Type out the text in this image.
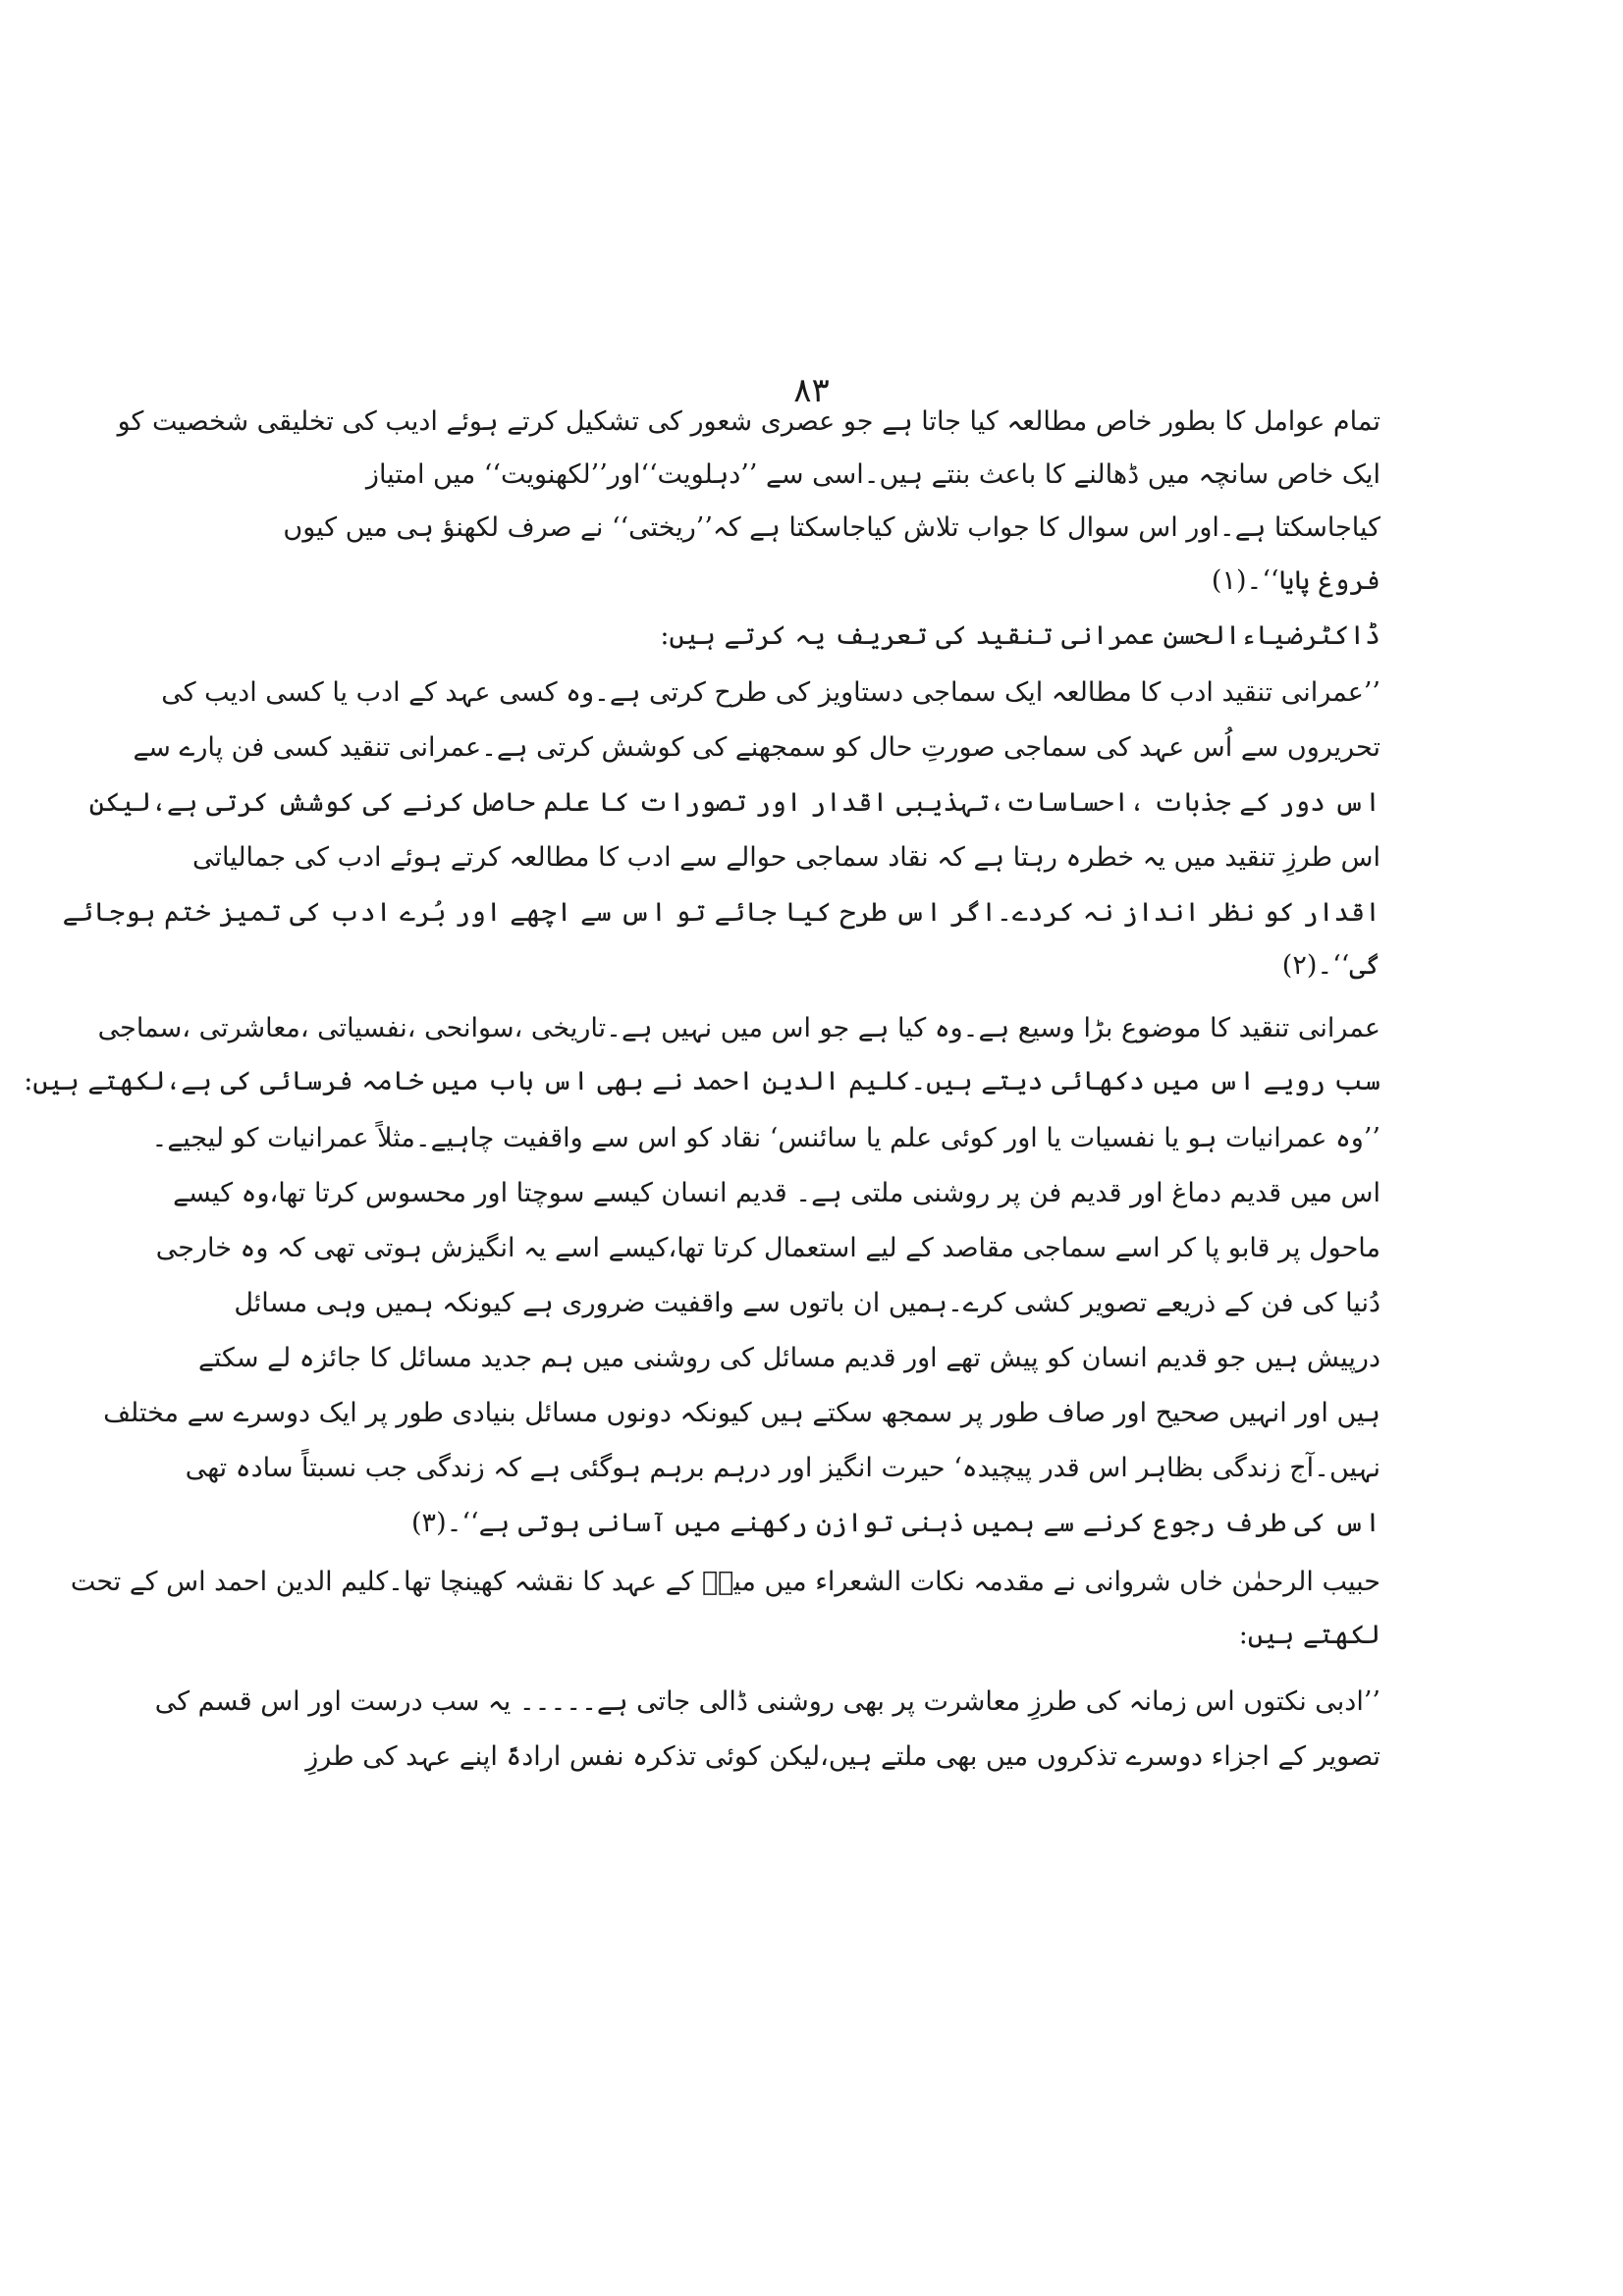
۸۳
تمام عوامل کا بطور خاص مطالعہ کیا جاتا ہے جو عصری شعور کی تشکیل کرتے ہوئے ادیب کی تخلیقی شخصیت کو
ایک خاص سانچہ میں ڈھالنے کا باعث بنتے ہیں۔اسی سے ’’دہلویت‘‘اور’’لکھنویت‘‘ میں امتیاز
کیاجاسکتا ہے۔اور اس سوال کا جواب تلاش کیاجاسکتا ہے کہ’’ریختی‘‘ نے صرف لکھنؤ ہی میں کیوں
فروغ پایا‘‘۔(۱)
ڈاکٹرضیاءالحسن عمرانی تنقید کی تعریف یہ کرتے ہیں:
’’عمرانی تنقید ادب کا مطالعہ ایک سماجی دستاویز کی طرح کرتی ہے۔وہ کسی عہد کے ادب یا کسی ادیب کی
تحریروں سے اُس عہد کی سماجی صورتِ حال کو سمجھنے کی کوشش کرتی ہے۔عمرانی تنقید کسی فن پارے سے
اس دور کے جذبات ،احساسات،تہذیبی اقدار اور تصورات کا علم حاصل کرنے کی کوشش کرتی ہے،لیکن
اس طرزِ تنقید میں یہ خطرہ رہتا ہے کہ نقاد سماجی حوالے سے ادب کا مطالعہ کرتے ہوئے ادب کی جمالیاتی
اقدار کو نظر انداز نہ کردے۔اگر اس طرح کیا جائے تو اس سے اچھے اور بُرے ادب کی تمیز ختم ہوجائے
گی‘‘۔(۲)
عمرانی تنقید کا موضوع بڑا وسیع ہے۔وہ کیا ہے جو اس میں نہیں ہے۔تاریخی ،سوانحی ،نفسیاتی ،معاشرتی ،سماجی
سب رویے اس میں دکھائی دیتے ہیں۔کلیم الدین احمد نے بھی اس باب میں خامہ فرسائی کی ہے،لکھتے ہیں:
’’وہ عمرانیات ہو یا نفسیات یا اور کوئی علم یا سائنس‘ نقاد کو اس سے واقفیت چاہیے۔مثلاً عمرانیات کو لیجیے۔
اس میں قدیم دماغ اور قدیم فن پر روشنی ملتی ہے۔ قدیم انسان کیسے سوچتا اور محسوس کرتا تھا،وہ کیسے
ماحول پر قابو پا کر اسے سماجی مقاصد کے لیے استعمال کرتا تھا،کیسے اسے یہ انگیزش ہوتی تھی کہ وہ خارجی
دُنیا کی فن کے ذریعے تصویر کشی کرے۔ہمیں ان باتوں سے واقفیت ضروری ہے کیونکہ ہمیں وہی مسائل
درپیش ہیں جو قدیم انسان کو پیش تھے اور قدیم مسائل کی روشنی میں ہم جدید مسائل کا جائزہ لے سکتے
ہیں اور انہیں صحیح اور صاف طور پر سمجھ سکتے ہیں کیونکہ دونوں مسائل بنیادی طور پر ایک دوسرے سے مختلف
نہیں۔آج زندگی بظاہر اس قدر پیچیدہ‘ حیرت انگیز اور درہم برہم ہوگئی ہے کہ زندگی جب نسبتاً سادہ تھی
اس کی طرف رجوع کرنے سے ہمیں ذہنی توازن رکھنے میں آسانی ہوتی ہے‘‘۔(۳)
حبیب الرحمٰن خاں شروانی نے مقدمہ نکات الشعراء میں میرؔ کے عہد کا نقشہ کھینچا تھا۔کلیم الدین احمد اس کے تحت
لکھتے ہیں:
’’ادبی نکتوں اس زمانہ کی طرزِ معاشرت پر بھی روشنی ڈالی جاتی ہے۔۔۔۔۔ یہ سب درست اور اس قسم کی
تصویر کے اجزاء دوسرے تذکروں میں بھی ملتے ہیں،لیکن کوئی تذکرہ نفس ارادۃً اپنے عہد کی طرزِ
